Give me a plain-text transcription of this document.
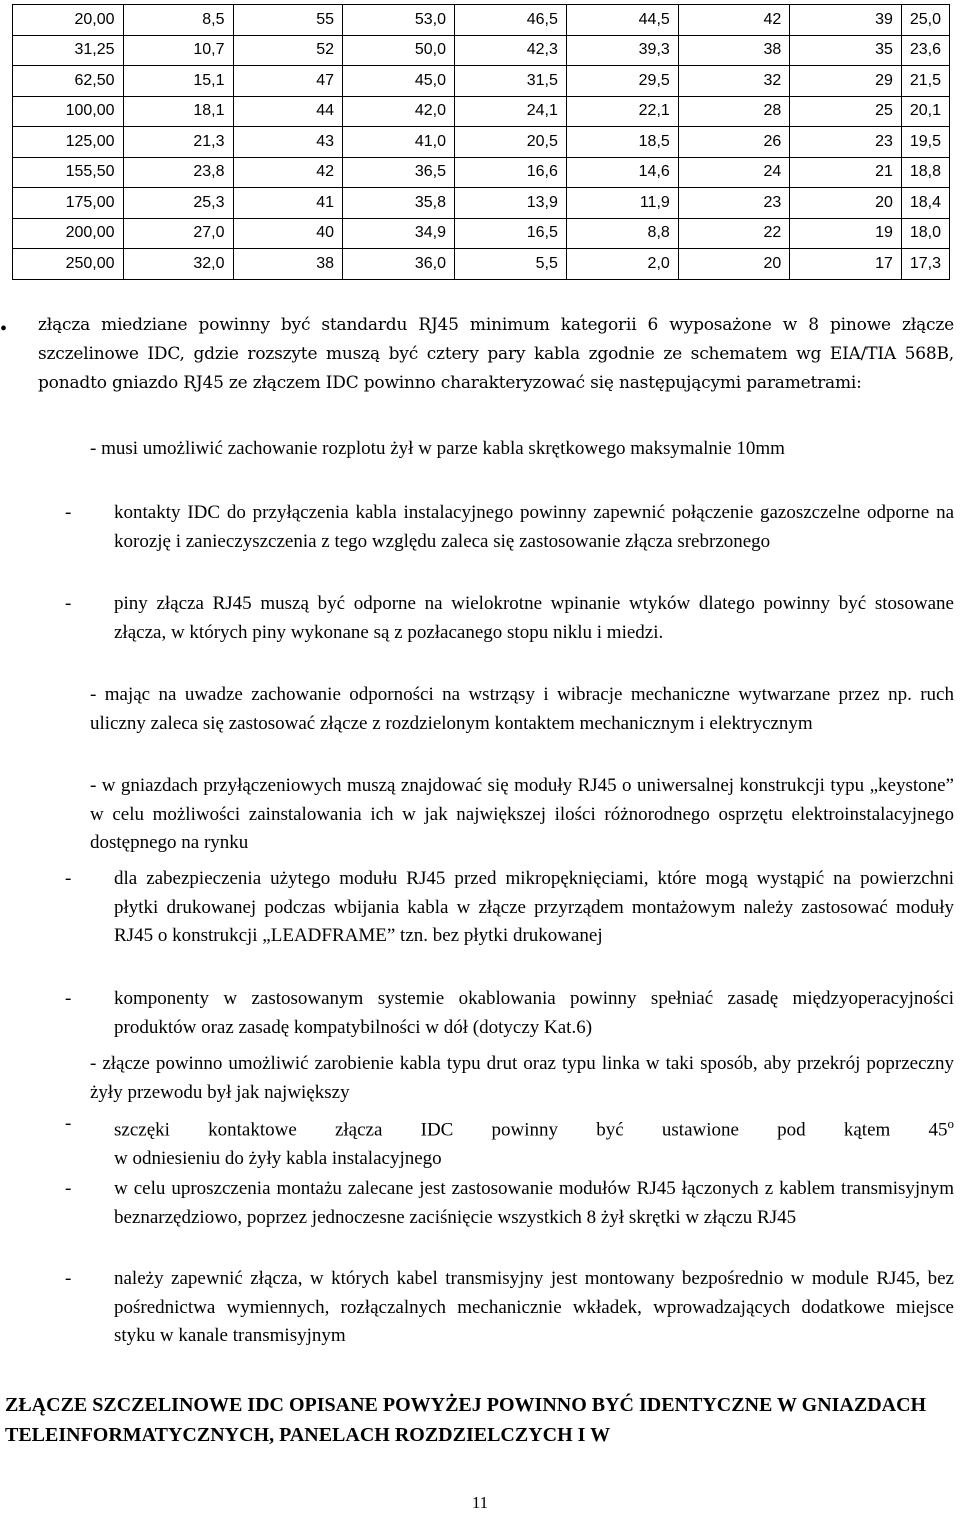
20,00	8,5	55	53,0	46,5	44,5	42	39	25,0
31,25	10,7	52	50,0	42,3	39,3	38	35	23,6
62,50	15,1	47	45,0	31,5	29,5	32	29	21,5
100,00	18,1	44	42,0	24,1	22,1	28	25	20,1
125,00	21,3	43	41,0	20,5	18,5	26	23	19,5
155,50	23,8	42	36,5	16,6	14,6	24	21	18,8
175,00	25,3	41	35,8	13,9	11,9	23	20	18,4
200,00	27,0	40	34,9	16,5	8,8	22	19	18,0
250,00	32,0	38	36,0	5,5	2,0	20	17	17,3
• złącza miedziane powinny być standardu RJ45 minimum kategorii 6 wyposażone w 8 pinowe złącze szczelinowe IDC, gdzie rozszyte muszą być cztery pary kabla zgodnie ze schematem wg EIA/TIA 568B, ponadto gniazdo RJ45 ze złączem IDC powinno charakteryzować się następującymi parametrami:

- musi umożliwić zachowanie rozplotu żył w parze kabla skrętkowego maksymalnie 10mm

- kontakty IDC do przyłączenia kabla instalacyjnego powinny zapewnić połączenie gazoszczelne odporne na korozję i zanieczyszczenia z tego względu zaleca się zastosowanie złącza srebrzonego

- piny złącza RJ45 muszą być odporne na wielokrotne wpinanie wtyków dlatego powinny być stosowane złącza, w których piny wykonane są z pozłacanego stopu niklu i miedzi.

- mając na uwadze zachowanie odporności na wstrząsy i wibracje mechaniczne wytwarzane przez np. ruch uliczny zaleca się zastosować złącze z rozdzielonym kontaktem mechanicznym i elektrycznym

- w gniazdach przyłączeniowych muszą znajdować się moduły RJ45 o uniwersalnej konstrukcji typu „keystone” w celu możliwości zainstalowania ich w jak największej ilości różnorodnego osprzętu elektroinstalacyjnego dostępnego na rynku

- dla zabezpieczenia użytego modułu RJ45 przed mikropęknięciami, które mogą wystąpić na powierzchni płytki drukowanej podczas wbijania kabla w złącze przyrządem montażowym należy zastosować moduły RJ45 o konstrukcji „LEADFRAME” tzn. bez płytki drukowanej

- komponenty w zastosowanym systemie okablowania powinny spełniać zasadę międzyoperacyjności produktów oraz zasadę kompatybilności w dół (dotyczy Kat.6)

- złącze powinno umożliwić zarobienie kabla typu drut oraz typu linka w taki sposób, aby przekrój poprzeczny żyły przewodu był jak największy

- szczęki kontaktowe złącza IDC powinny być ustawione pod kątem 45$^o$
w odniesieniu do żyły kabla instalacyjnego

- w celu uproszczenia montażu zalecane jest zastosowanie modułów RJ45 łączonych z kablem transmisyjnym beznarzędziowo, poprzez jednoczesne zaciśnięcie wszystkich 8 żył skrętki w złączu RJ45

- należy zapewnić złącza, w których kabel transmisyjny jest montowany bezpośrednio w module RJ45, bez pośrednictwa wymiennych, rozłączalnych mechanicznie wkładek, wprowadzających dodatkowe miejsce styku w kanale transmisyjnym

ZŁĄCZE SZCZELINOWE IDC OPISANE POWYŻEJ POWINNO BYĆ IDENTYCZNE W GNIAZDACH TELEINFORMATYCZNYCH, PANELACH ROZDZIELCZYCH I W

11
